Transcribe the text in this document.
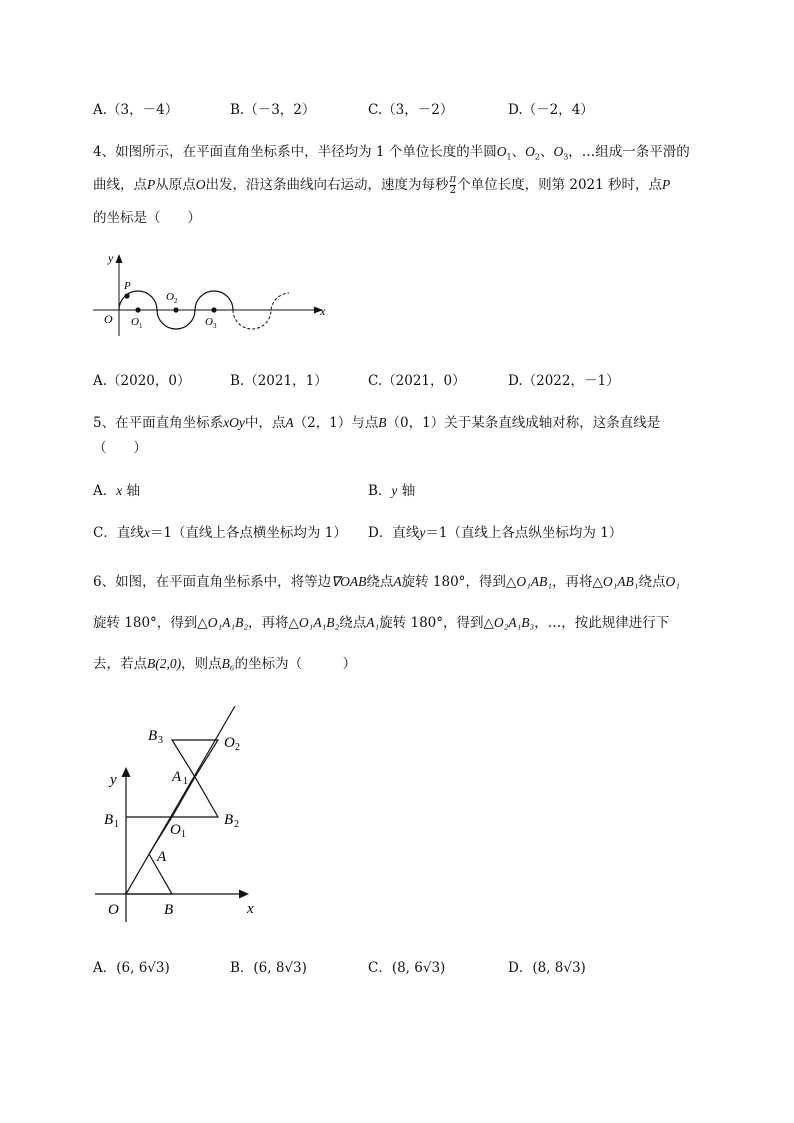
A.（3，－4）	B.（－3，2）	C.（3，－2）	D.（－2，4）
4、如图所示，在平面直角坐标系中，半径均为 1 个单位长度的半圆$O_1$、$O_2$、$O_3$，…组成一条平滑的
曲线，点P从原点O出发，沿这条曲线向右运动，速度为每秒 $\frac{\pi}{2}$ 个单位长度，则第 2021 秒时，点P
的坐标是（　　）
y
x
O
P
O 1
O 2
O 3
A.（2020，0）	B.（2021，1）	C.（2021，0）	D.（2022，－1）
5、在平面直角坐标系xOy中，点A（2，1）与点B（0，1）关于某条直线成轴对称，这条直线是
（　　）
A．x 轴	B．y 轴
C．直线x＝1（直线上各点横坐标均为 1） D．直线y＝1（直线上各点纵坐标均为 1）
6、如图，在平面直角坐标系中，将等边∇OAB绕点A旋转 180°，得到△O₁AB₁，再将△O₁AB₁绕点O₁
旋转 180°，得到△O₁A₁B₂，再将△O₁A₁B₂绕点A₁旋转 180°，得到△O₂A₁B₃，…，按此规律进行下
去，若点B(2,0)，则点B₆的坐标为（　　　）
B 3	O 2
A 1
y
B 1	O 1
B 2
A
O	B	x
A．(6, 6√3)	B．(6, 8√3)	C．(8, 6√3)	D．(8, 8√3)
